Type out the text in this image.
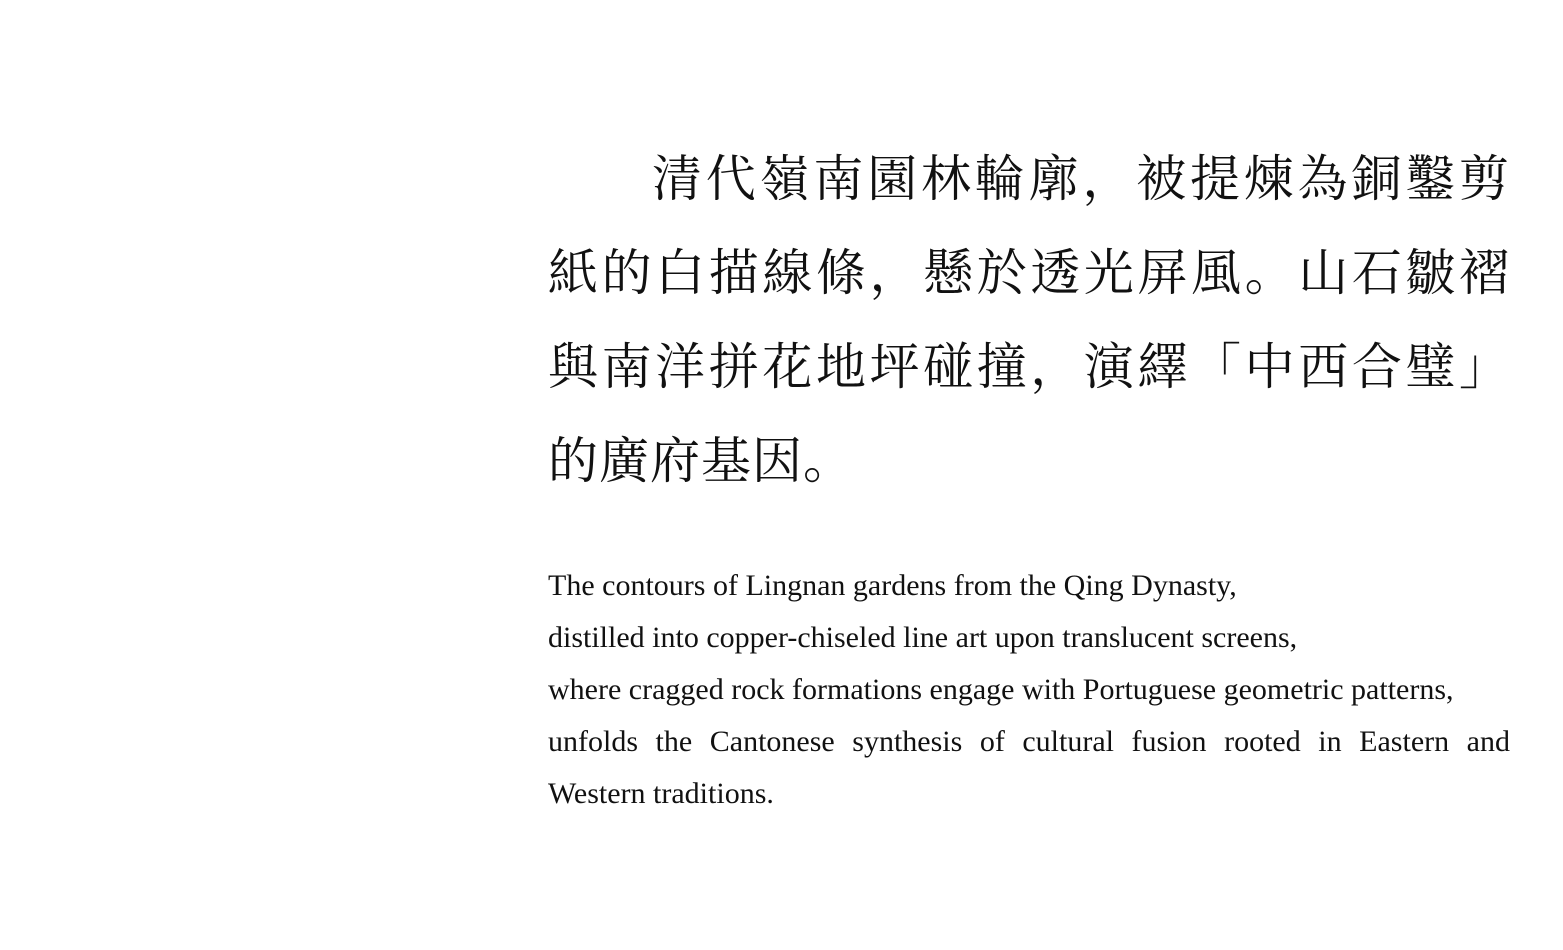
清代嶺南園林輪廓，被提煉為銅鑿剪紙的白描線條，懸於透光屏風。山石皺褶與南洋拼花地坪碰撞，演繹「中西合璧」的廣府基因。

The contours of Lingnan gardens from the Qing Dynasty,
distilled into copper-chiseled line art upon translucent screens,
where cragged rock formations engage with Portuguese geometric patterns,
unfolds the Cantonese synthesis of cultural fusion rooted in Eastern and
Western traditions.
